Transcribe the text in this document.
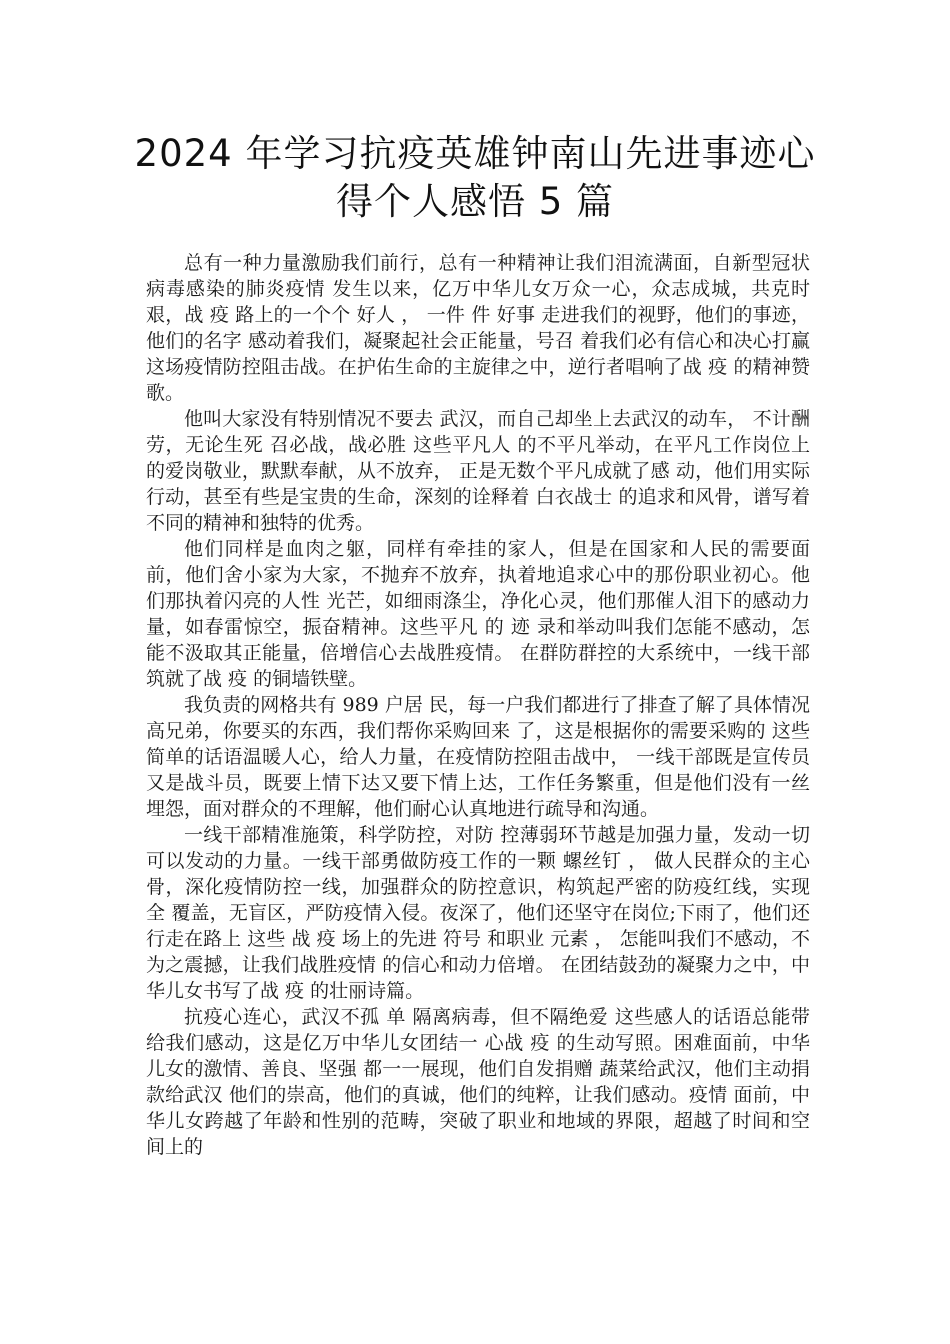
2024 年学习抗疫英雄钟南山先进事迹心
得个人感悟 5 篇

总有一种力量激励我们前行，总有一种精神让我们泪流满面，自新型冠状病毒感染的肺炎疫情 发生以来，亿万中华儿女万众一心，众志成城，共克时艰，战 疫 路上的一个个 好人 ， 一件 件 好事 走进我们的视野，他们的事迹，他们的名字 感动着我们，凝聚起社会正能量，号召 着我们必有信心和决心打赢这场疫情防控阻击战。在护佑生命的主旋律之中，逆行者唱响了战 疫 的精神赞歌。

他叫大家没有特别情况不要去 武汉，而自己却坐上去武汉的动车， 不计酬劳，无论生死 召必战，战必胜 这些平凡人 的不平凡举动，在平凡工作岗位上的爱岗敬业，默默奉献，从不放弃， 正是无数个平凡成就了感 动，他们用实际行动，甚至有些是宝贵的生命，深刻的诠释着 白衣战士 的追求和风骨，谱写着 不同的精神和独特的优秀。

他们同样是血肉之躯，同样有牵挂的家人，但是在国家和人民的需要面 前，他们舍小家为大家，不抛弃不放弃，执着地追求心中的那份职业初心。他们那执着闪亮的人性 光芒，如细雨涤尘，净化心灵，他们那催人泪下的感动力量，如春雷惊空，振奋精神。这些平凡 的 迹 录和举动叫我们怎能不感动，怎能不汲取其正能量，倍增信心去战胜疫情。 在群防群控的大系统中，一线干部筑就了战 疫 的铜墙铁壁。

我负责的网格共有 989 户居 民，每一户我们都进行了排查了解了具体情况 高兄弟，你要买的东西，我们帮你采购回来 了，这是根据你的需要采购的 这些简单的话语温暖人心，给人力量，在疫情防控阻击战中， 一线干部既是宣传员又是战斗员，既要上情下达又要下情上达，工作任务繁重，但是他们没有一丝埋怨，面对群众的不理解，他们耐心认真地进行疏导和沟通。

一线干部精准施策，科学防控，对防 控薄弱环节越是加强力量，发动一切可以发动的力量。一线干部勇做防疫工作的一颗 螺丝钉 ， 做人民群众的主心骨，深化疫情防控一线，加强群众的防控意识，构筑起严密的防疫红线，实现全 覆盖，无盲区，严防疫情入侵。夜深了，他们还坚守在岗位;下雨了，他们还行走在路上 这些 战 疫 场上的先进 符号 和职业 元素 ， 怎能叫我们不感动，不为之震撼，让我们战胜疫情 的信心和动力倍增。 在团结鼓劲的凝聚力之中，中华儿女书写了战 疫 的壮丽诗篇。

抗疫心连心，武汉不孤 单 隔离病毒，但不隔绝爱 这些感人的话语总能带给我们感动，这是亿万中华儿女团结一 心战 疫 的生动写照。困难面前，中华儿女的激情、善良、坚强 都一一展现，他们自发捐赠 蔬菜给武汉，他们主动捐款给武汉 他们的崇高，他们的真诚，他们的纯粹，让我们感动。疫情 面前，中华儿女跨越了年龄和性别的范畴，突破了职业和地域的界限，超越了时间和空间上的
